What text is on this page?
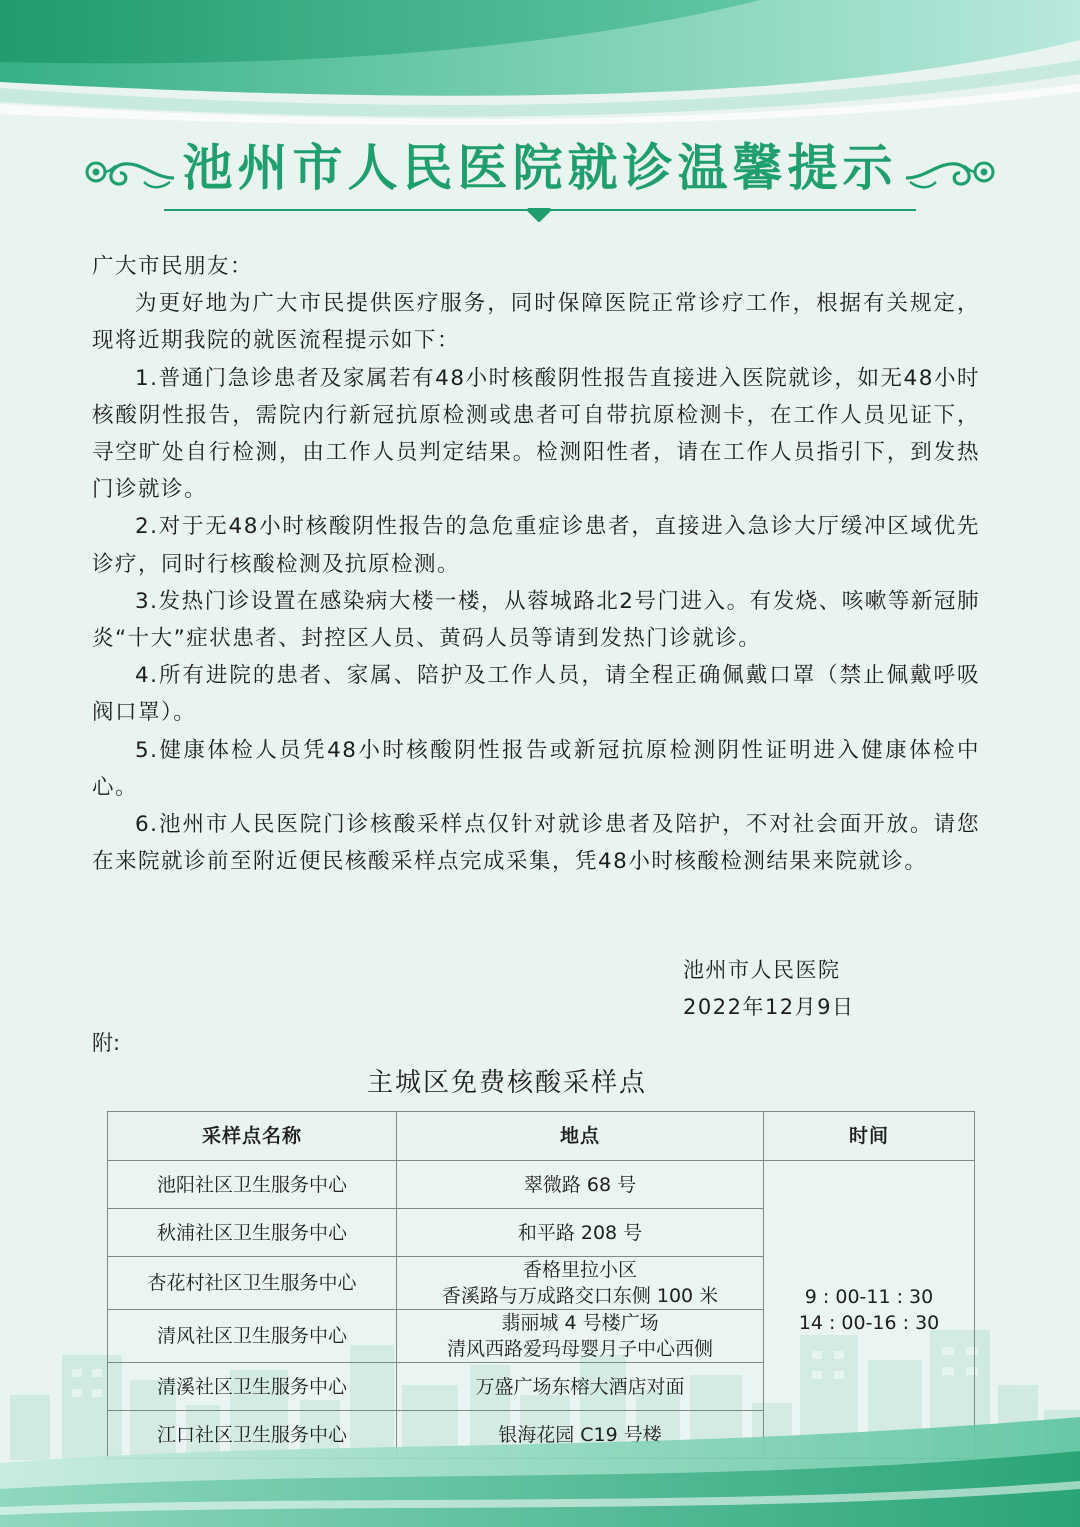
池州市人民医院就诊温馨提示

广大市民朋友：

为更好地为广大市民提供医疗服务，同时保障医院正常诊疗工作，根据有关规定，现将近期我院的就医流程提示如下：

1.普通门急诊患者及家属若有48小时核酸阴性报告直接进入医院就诊，如无48小时核酸阴性报告，需院内行新冠抗原检测或患者可自带抗原检测卡，在工作人员见证下，寻空旷处自行检测，由工作人员判定结果。检测阳性者，请在工作人员指引下，到发热门诊就诊。

2.对于无48小时核酸阴性报告的急危重症诊患者，直接进入急诊大厅缓冲区域优先诊疗，同时行核酸检测及抗原检测。

3.发热门诊设置在感染病大楼一楼，从蓉城路北2号门进入。有发烧、咳嗽等新冠肺炎“十大”症状患者、封控区人员、黄码人员等请到发热门诊就诊。

4.所有进院的患者、家属、陪护及工作人员，请全程正确佩戴口罩（禁止佩戴呼吸阀口罩）。

5.健康体检人员凭48小时核酸阴性报告或新冠抗原检测阴性证明进入健康体检中心。

6.池州市人民医院门诊核酸采样点仅针对就诊患者及陪护，不对社会面开放。请您在来院就诊前至附近便民核酸采样点完成采集，凭48小时核酸检测结果来院就诊。

池州市人民医院
2022年12月9日
附:
主城区免费核酸采样点
采样点名称	地点	时间
池阳社区卫生服务中心	翠微路 68 号	9 : 00-11 : 30
14 : 00-16 : 30

秋浦社区卫生服务中心	和平路 208 号	

杏花村社区卫生服务中心	香格里拉小区
香溪路与万成路交口东侧 100 米	

清风社区卫生服务中心	翡丽城 4 号楼广场
清风西路爱玛母婴月子中心西侧	

清溪社区卫生服务中心	万盛广场东榕大酒店对面	

江口社区卫生服务中心	银海花园 C19 号楼	
